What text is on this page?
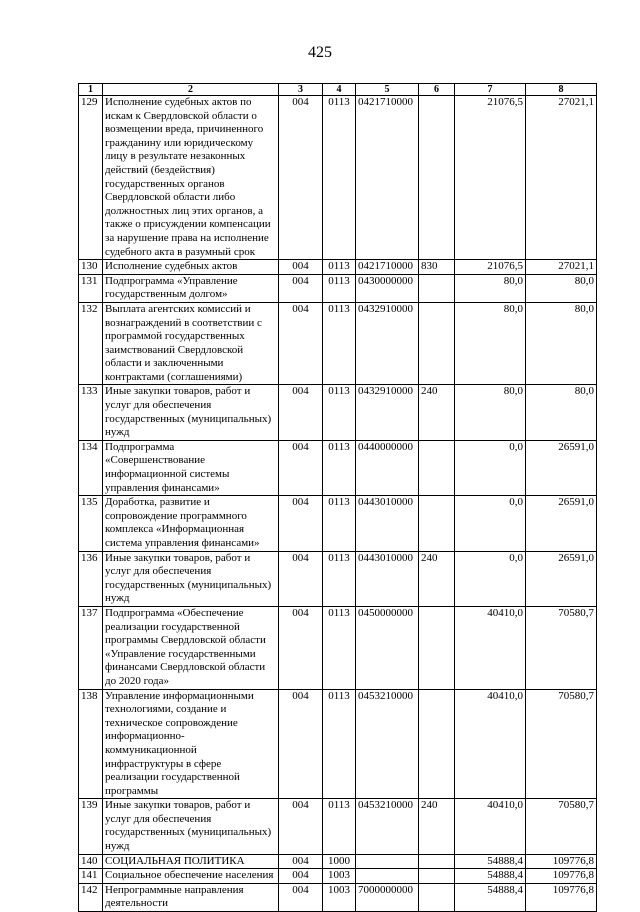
425
1	2	3	4	5	6	7	8
129	Исполнение судебных актов по искам к Свердловской области о возмещении вреда, причиненного гражданину или юридическому лицу в результате незаконных действий (бездействия) государственных органов Свердловской области либо должностных лиц этих органов, а также о присуждении компенсации за нарушение права на исполнение судебного акта в разумный срок	004	0113	0421710000		21076,5	27021,1
130	Исполнение судебных актов	004	0113	0421710000	830	21076,5	27021,1
131	Подпрограмма «Управление государственным долгом»	004	0113	0430000000		80,0	80,0
132	Выплата агентских комиссий и вознаграждений в соответствии с программой государственных заимствований Свердловской области и заключенными контрактами (соглашениями)	004	0113	0432910000		80,0	80,0
133	Иные закупки товаров, работ и услуг для обеспечения государственных (муниципальных) нужд	004	0113	0432910000	240	80,0	80,0
134	Подпрограмма «Совершенствование информационной системы управления финансами»	004	0113	0440000000		0,0	26591,0
135	Доработка, развитие и сопровождение программного комплекса «Информационная система управления финансами»	004	0113	0443010000		0,0	26591,0
136	Иные закупки товаров, работ и услуг для обеспечения государственных (муниципальных) нужд	004	0113	0443010000	240	0,0	26591,0
137	Подпрограмма «Обеспечение реализации государственной программы Свердловской области «Управление государственными финансами Свердловской области до 2020 года»	004	0113	0450000000		40410,0	70580,7
138	Управление информационными технологиями, создание и техническое сопровождение информационно-коммуникационной инфраструктуры в сфере реализации государственной программы	004	0113	0453210000		40410,0	70580,7
139	Иные закупки товаров, работ и услуг для обеспечения государственных (муниципальных) нужд	004	0113	0453210000	240	40410,0	70580,7
140	СОЦИАЛЬНАЯ ПОЛИТИКА	004	1000			54888,4	109776,8
141	Социальное обеспечение населения	004	1003			54888,4	109776,8
142	Непрограммные направления деятельности	004	1003	7000000000		54888,4	109776,8
